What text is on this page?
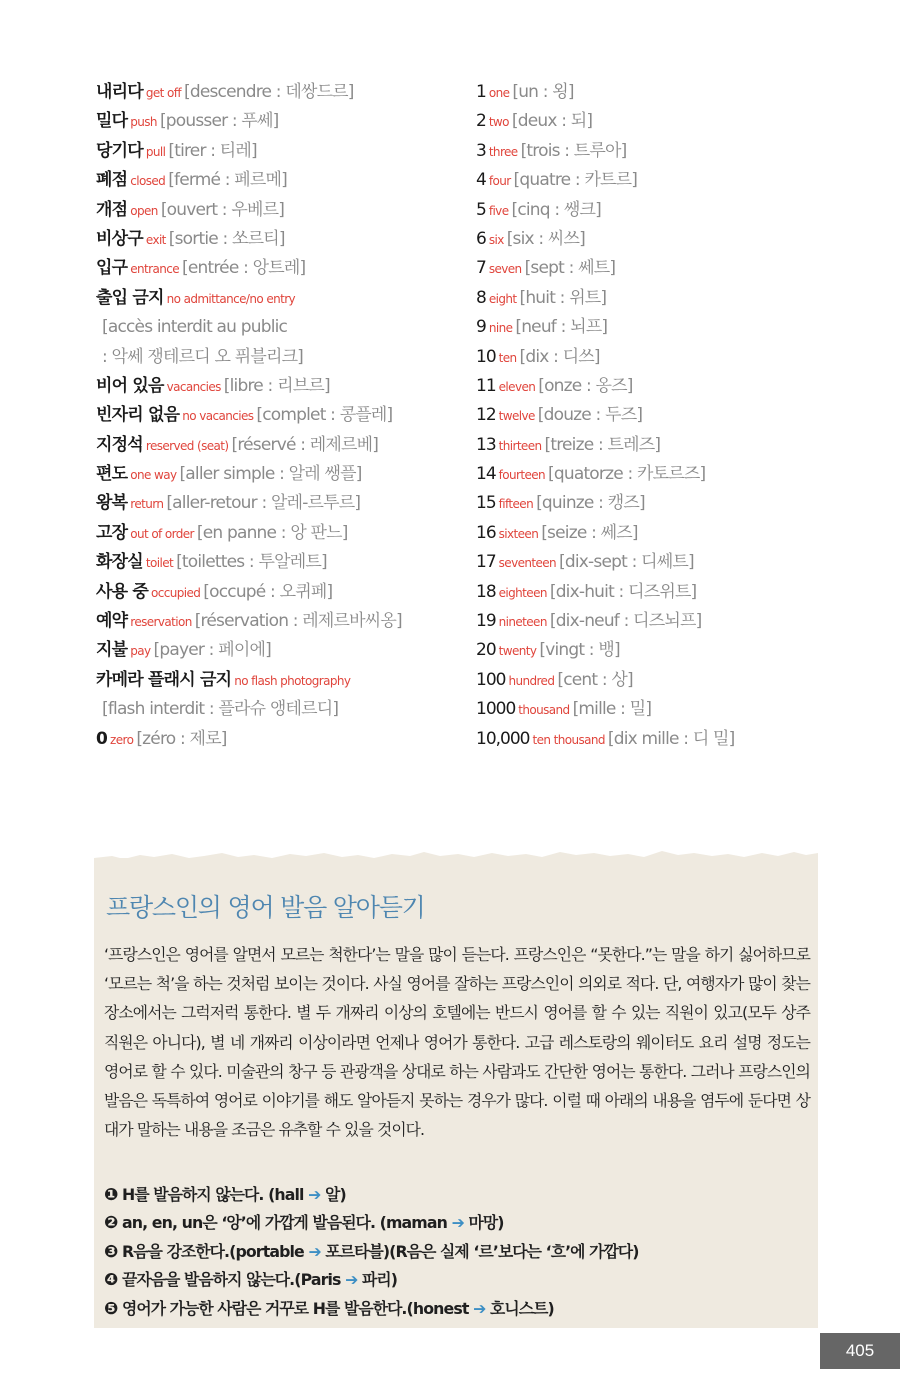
내리다 get off [descendre : 데쌍드르]
밀다 push [pousser : 푸쎄]
당기다 pull [tirer : 티레]
폐점 closed [fermé : 페르메]
개점 open [ouvert : 우베르]
비상구 exit [sortie : 쏘르티]
입구 entrance [entrée : 앙트레]
출입 금지 no admittance/no entry
[accès interdit au public
: 악쎄 쟁테르디 오 퓌블리크]
비어 있음 vacancies [libre : 리브르]
빈자리 없음 no vacancies [complet : 콩플레]
지정석 reserved (seat) [réservé : 레제르베]
편도 one way [aller simple : 알레 쌩플]
왕복 return [aller-retour : 알레-르투르]
고장 out of order [en panne : 앙 판느]
화장실 toilet [toilettes : 투알레트]
사용 중 occupied [occupé : 오퀴페]
예약 reservation [réservation : 레제르바씨옹]
지불 pay [payer : 페이에]
카메라 플래시 금지 no flash photography
[flash interdit : 플라슈 앵테르디]
0 zero [zéro : 제로]
1 one [un : 욍]
2 two [deux : 되]
3 three [trois : 트루아]
4 four [quatre : 카트르]
5 five [cinq : 쌩크]
6 six [six : 씨쓰]
7 seven [sept : 쎄트]
8 eight [huit : 위트]
9 nine [neuf : 뇌프]
10 ten [dix : 디쓰]
11 eleven [onze : 옹즈]
12 twelve [douze : 두즈]
13 thirteen [treize : 트레즈]
14 fourteen [quatorze : 카토르즈]
15 fifteen [quinze : 캥즈]
16 sixteen [seize : 쎄즈]
17 seventeen [dix-sept : 디쎄트]
18 eighteen [dix-huit : 디즈위트]
19 nineteen [dix-neuf : 디즈뇌프]
20 twenty [vingt : 뱅]
100 hundred [cent : 상]
1000 thousand [mille : 밀]
10,000 ten thousand [dix mille : 디 밀]
프랑스인의 영어 발음 알아듣기

‘프랑스인은 영어를 알면서 모르는 척한다’는 말을 많이 듣는다. 프랑스인은 “못한다.”는 말을 하기 싫어하므로 ‘모르는 척’을 하는 것처럼 보이는 것이다. 사실 영어를 잘하는 프랑스인이 의외로 적다. 단, 여행자가 많이 찾는 장소에서는 그럭저럭 통한다. 별 두 개짜리 이상의 호텔에는 반드시 영어를 할 수 있는 직원이 있고(모두 상주 직원은 아니다), 별 네 개짜리 이상이라면 언제나 영어가 통한다. 고급 레스토랑의 웨이터도 요리 설명 정도는 영어로 할 수 있다. 미술관의 창구 등 관광객을 상대로 하는 사람과도 간단한 영어는 통한다. 그러나 프랑스인의 발음은 독특하여 영어로 이야기를 해도 알아듣지 못하는 경우가 많다. 이럴 때 아래의 내용을 염두에 둔다면 상대가 말하는 내용을 조금은 유추할 수 있을 것이다.

❶ H를 발음하지 않는다. (hall ➔ 알)
❷ an, en, un은 ‘앙’에 가깝게 발음된다. (maman ➔ 마망)
❸ R음을 강조한다.(portable ➔ 포르타블)(R음은 실제 ‘르’보다는 ‘흐’에 가깝다)
❹ 끝자음을 발음하지 않는다.(Paris ➔ 파리)
❺ 영어가 가능한 사람은 거꾸로 H를 발음한다.(honest ➔ 호니스트)
405
